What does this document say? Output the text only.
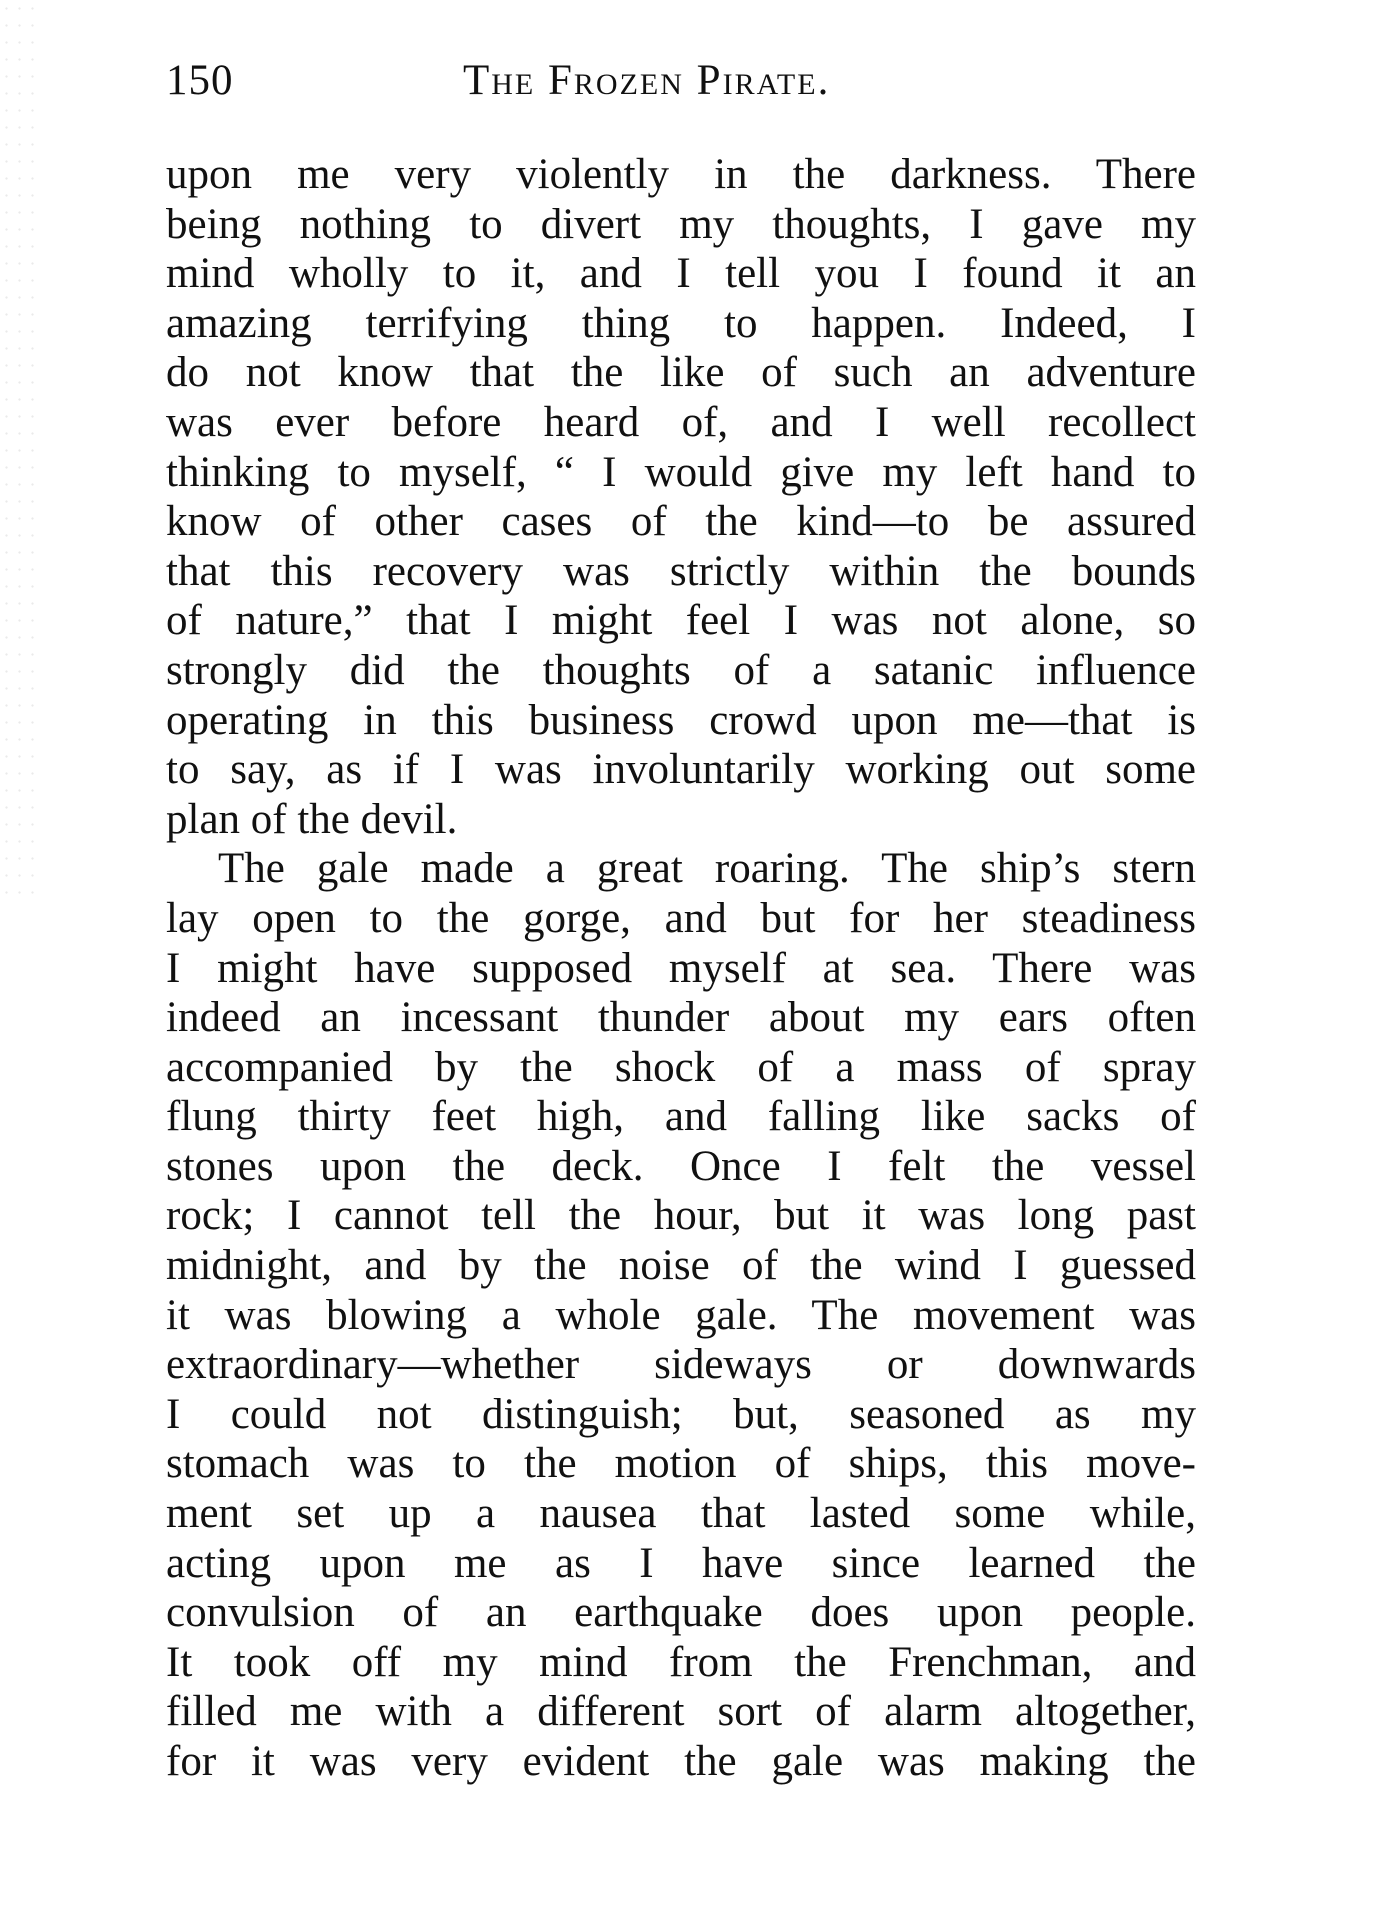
150	The Frozen Pirate.
upon me very violently in the darkness. There
being nothing to divert my thoughts, I gave my
mind wholly to it, and I tell you I found it an
amazing terrifying thing to happen. Indeed, I
do not know that the like of such an adventure
was ever before heard of, and I well recollect
thinking to myself, “ I would give my left hand to
know of other cases of the kind—to be assured
that this recovery was strictly within the bounds
of nature,” that I might feel I was not alone, so
strongly did the thoughts of a satanic influence
operating in this business crowd upon me—that is
to say, as if I was involuntarily working out some
plan of the devil.
The gale made a great roaring. The ship’s stern
lay open to the gorge, and but for her steadiness
I might have supposed myself at sea. There was
indeed an incessant thunder about my ears often
accompanied by the shock of a mass of spray
flung thirty feet high, and falling like sacks of
stones upon the deck. Once I felt the vessel
rock; I cannot tell the hour, but it was long past
midnight, and by the noise of the wind I guessed
it was blowing a whole gale. The movement was
extraordinary—whether sideways or downwards
I could not distinguish; but, seasoned as my
stomach was to the motion of ships, this move-
ment set up a nausea that lasted some while,
acting upon me as I have since learned the
convulsion of an earthquake does upon people.
It took off my mind from the Frenchman, and
filled me with a different sort of alarm altogether,
for it was very evident the gale was making the
